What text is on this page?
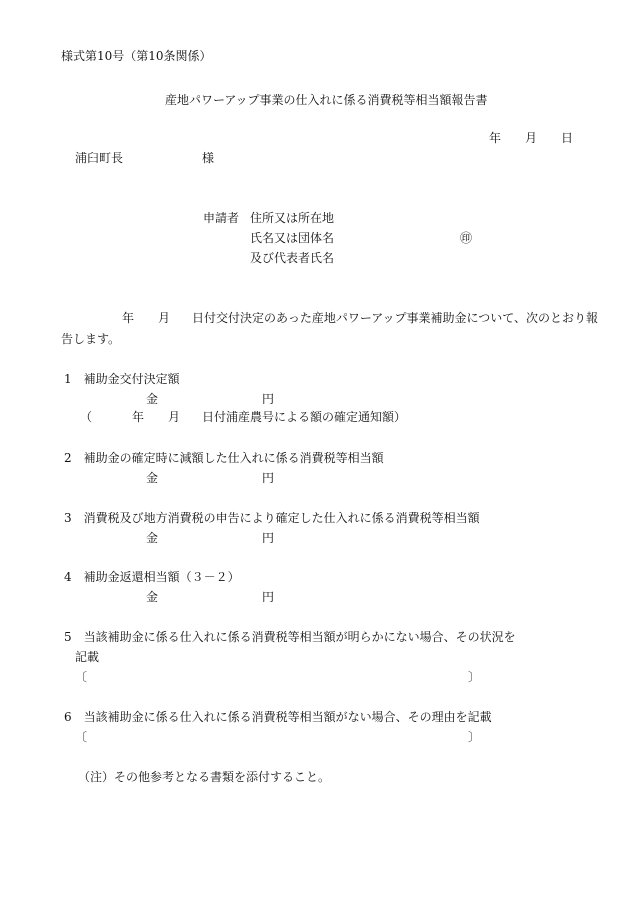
様式第10号（第10条関係）
産地パワーアップ事業の仕入れに係る消費税等相当額報告書
年 月 日
浦臼町長	様
申請者 住所又は所在地
氏名又は団体名	㊞
及び代表者氏名
年 月 日付交付決定のあった産地パワーアップ事業補助金について、次のとおり報
告します。
1　補助金交付決定額
金	円
（	年 月 日付浦産農号による額の確定通知額）
2　補助金の確定時に減額した仕入れに係る消費税等相当額
金	円
3　消費税及び地方消費税の申告により確定した仕入れに係る消費税等相当額
金	円
4　補助金返還相当額（３－２）
金	円
5　当該補助金に係る仕入れに係る消費税等相当額が明らかにない場合、その状況を
記載
〔	〕
6　当該補助金に係る仕入れに係る消費税等相当額がない場合、その理由を記載
〔	〕
（注）その他参考となる書類を添付すること。
